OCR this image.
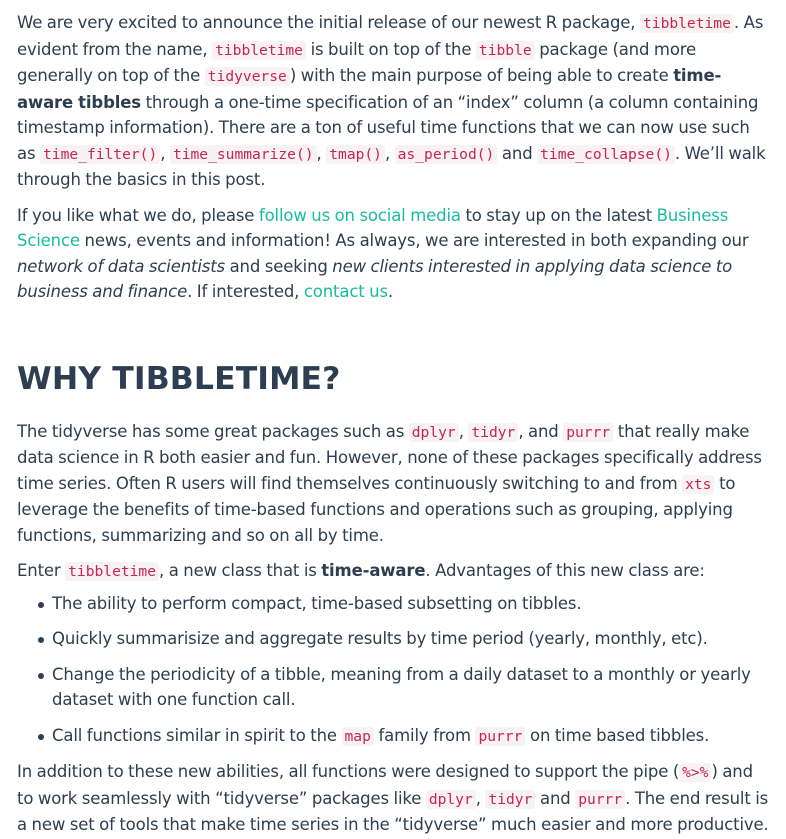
We are very excited to announce the initial release of our newest R package, tibbletime . As evident from the name, tibbletime is built on top of the tibble package (and more generally on top of the tidyverse ) with the main purpose of being able to create time-aware tibbles through a one-time specification of an “index” column (a column containing timestamp information). There are a ton of useful time functions that we can now use such as time_filter() , time_summarize() , tmap() , as_period() and time_collapse() . We’ll walk through the basics in this post.

If you like what we do, please follow us on social media to stay up on the latest Business Science news, events and information! As always, we are interested in both expanding our network of data scientists and seeking new clients interested in applying data science to business and finance. If interested, contact us.

WHY TIBBLETIME?

The tidyverse has some great packages such as dplyr , tidyr , and purrr that really make data science in R both easier and fun. However, none of these packages specifically address time series. Often R users will find themselves continuously switching to and from xts to leverage the benefits of time-based functions and operations such as grouping, applying functions, summarizing and so on all by time.

Enter tibbletime , a new class that is time-aware. Advantages of this new class are:

The ability to perform compact, time-based subsetting on tibbles.
Quickly summarisize and aggregate results by time period (yearly, monthly, etc).
Change the periodicity of a tibble, meaning from a daily dataset to a monthly or yearly dataset with one function call.
Call functions similar in spirit to the map family from purrr on time based tibbles.

In addition to these new abilities, all functions were designed to support the pipe ( %>% ) and to work seamlessly with “tidyverse” packages like dplyr , tidyr and purrr . The end result is a new set of tools that make time series in the “tidyverse” much easier and more productive.
